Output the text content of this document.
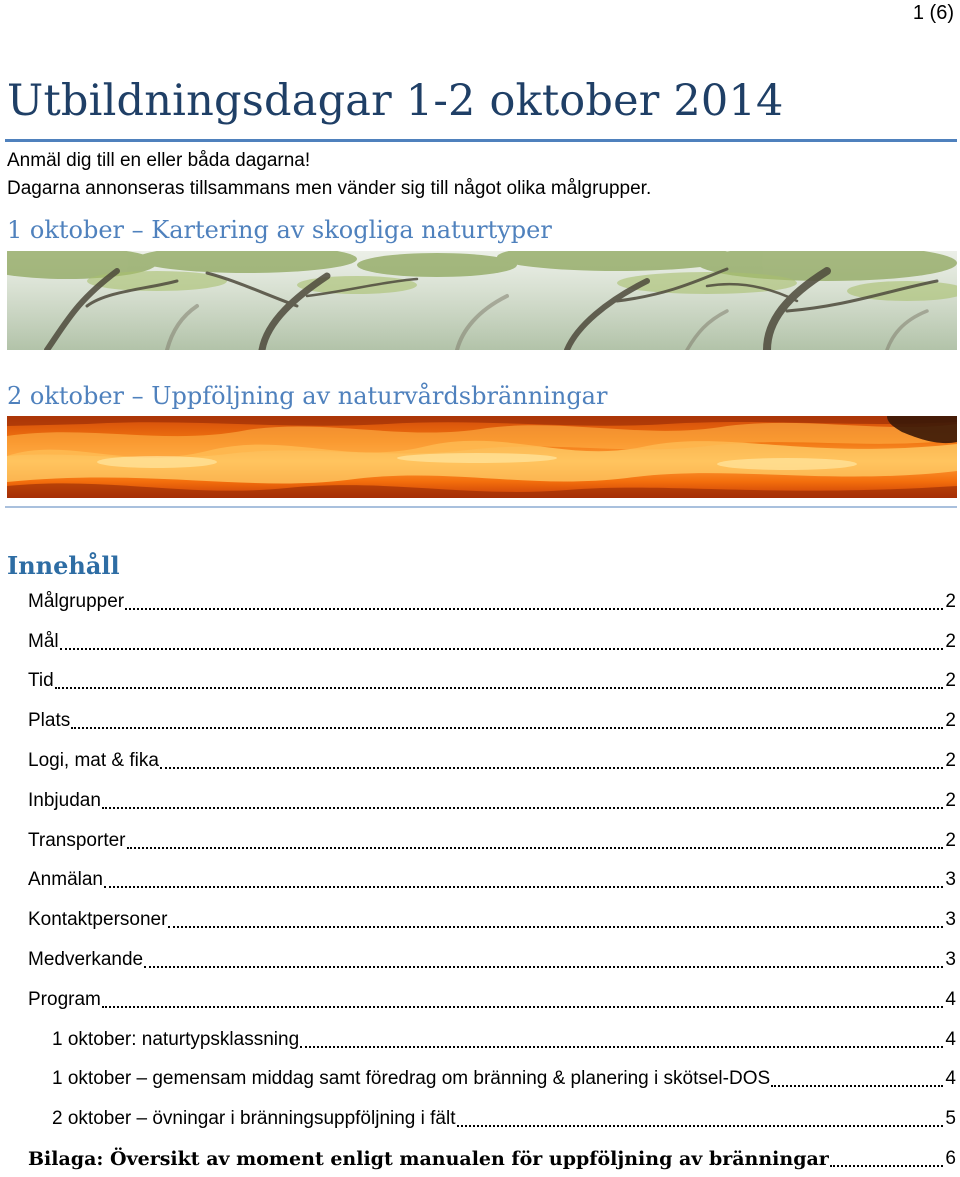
1 (6)
Utbildningsdagar 1-2 oktober 2014
Anmäl dig till en eller båda dagarna!
Dagarna annonseras tillsammans men vänder sig till något olika målgrupper.
1 oktober – Kartering av skogliga naturtyper
2 oktober – Uppföljning av naturvårdsbränningar
Innehåll
Målgrupper	2
Mål	2
Tid	2
Plats	2
Logi, mat & fika	2
Inbjudan	2
Transporter	2
Anmälan	3
Kontaktpersoner	3
Medverkande	3
Program	4
1 oktober: naturtypsklassning	4
1 oktober – gemensam middag samt föredrag om bränning & planering i skötsel-DOS	4
2 oktober – övningar i bränningsuppföljning i fält	5
Bilaga: Översikt av moment enligt manualen för uppföljning av bränningar	6
